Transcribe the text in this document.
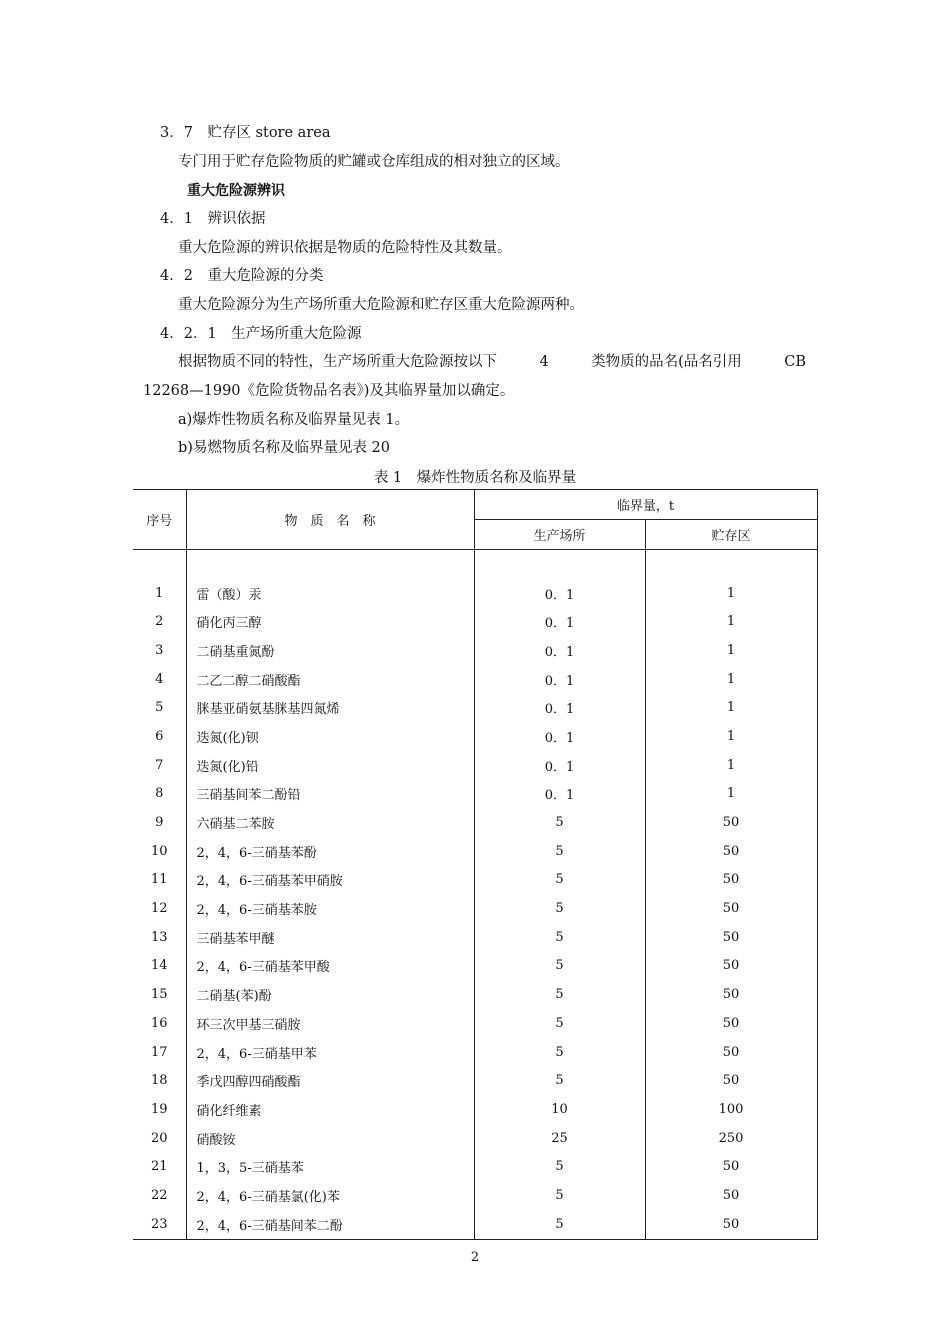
3．7　贮存区 store area
专门用于贮存危险物质的贮罐或仓库组成的相对独立的区域。
重大危险源辨识
4．1　辨识依据
重大危险源的辨识依据是物质的危险特性及其数量。
4．2　重大危险源的分类
重大危险源分为生产场所重大危险源和贮存区重大危险源两种。
4．2．1　生产场所重大危险源
根据物质不同的特性，生产场所重大危险源按以下	4	类物质的品名(品名引用	CB
12268—1990《危险货物品名表》)及其临界量加以确定。
a)爆炸性物质名称及临界量见表 1。
b)易燃物质名称及临界量见表 20
表 1　爆炸性物质名称及临界量
序号	物　质　名　称	临界量，t	
		生产场所	贮存区

1	雷（酸）汞	0．1	1
2	硝化丙三醇	0．1	1
3	二硝基重氮酚	0．1	1
4	二乙二醇二硝酸酯	0．1	1
5	脒基亚硝氨基脒基四氮烯	0．1	1
6	迭氮(化)钡	0．1	1
7	迭氮(化)铅	0．1	1
8	三硝基间苯二酚铅	0．1	1
9	六硝基二苯胺	5	50
10	2，4，6-三硝基苯酚	5	50
11	2，4，6-三硝基苯甲硝胺	5	50
12	2，4，6-三硝基苯胺	5	50
13	三硝基苯甲醚	5	50
14	2，4，6-三硝基苯甲酸	5	50
15	二硝基(苯)酚	5	50
16	环三次甲基三硝胺	5	50
17	2，4，6-三硝基甲苯	5	50
18	季戊四醇四硝酸酯	5	50
19	硝化纤维素	10	100
20	硝酸铵	25	250
21	1，3，5-三硝基苯	5	50
22	2，4，6-三硝基氯(化)苯	5	50
23	2，4，6-三硝基间苯二酚	5	50
2
